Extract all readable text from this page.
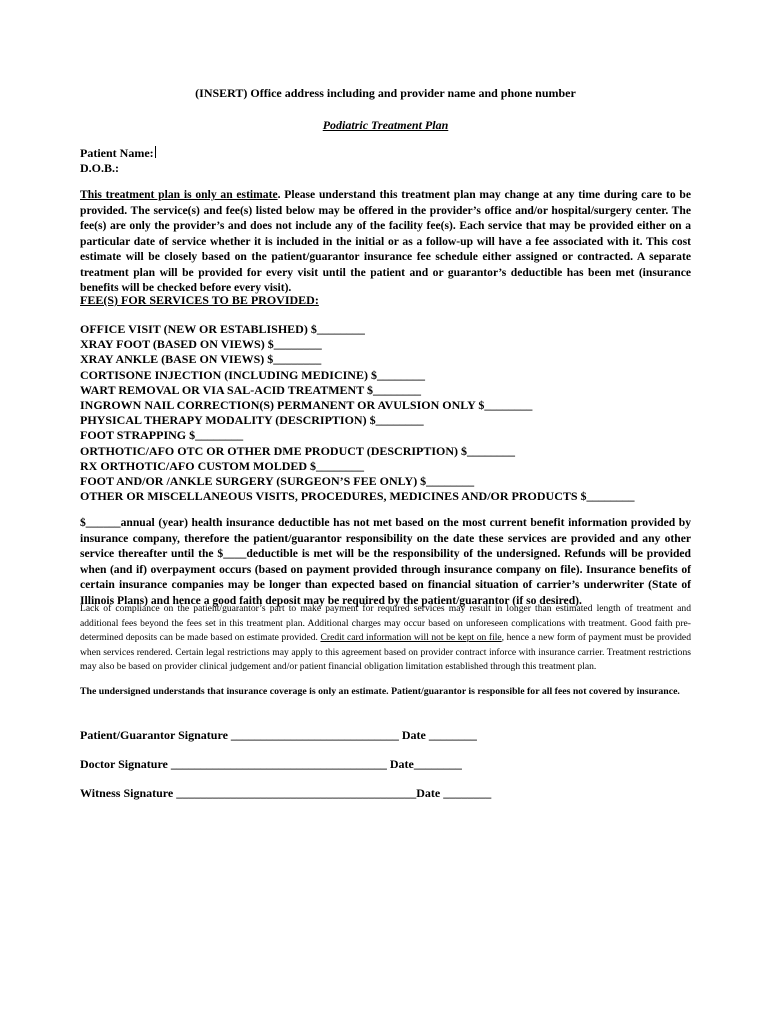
(INSERT) Office address including and provider name and phone number
Podiatric Treatment Plan
Patient Name:
D.O.B.:
This treatment plan is only an estimate. Please understand this treatment plan may change at any time during care to be provided. The service(s) and fee(s) listed below may be offered in the provider’s office and/or hospital/surgery center. The fee(s) are only the provider’s and does not include any of the facility fee(s). Each service that may be provided either on a particular date of service whether it is included in the initial or as a follow-up will have a fee associated with it. This cost estimate will be closely based on the patient/guarantor insurance fee schedule either assigned or contracted. A separate treatment plan will be provided for every visit until the patient and or guarantor’s deductible has been met (insurance benefits will be checked before every visit).
FEE(S) FOR SERVICES TO BE PROVIDED:
OFFICE VISIT (NEW OR ESTABLISHED) $________
XRAY FOOT (BASED ON VIEWS) $________
XRAY ANKLE (BASE ON VIEWS) $________
CORTISONE INJECTION (INCLUDING MEDICINE) $________
WART REMOVAL OR VIA SAL-ACID TREATMENT $________
INGROWN NAIL CORRECTION(S) PERMANENT OR AVULSION ONLY $________
PHYSICAL THERAPY MODALITY (DESCRIPTION) $________
FOOT STRAPPING $________
ORTHOTIC/AFO OTC OR OTHER DME PRODUCT (DESCRIPTION) $________
RX ORTHOTIC/AFO CUSTOM MOLDED $________
FOOT AND/OR /ANKLE SURGERY (SURGEON’S FEE ONLY) $________
OTHER OR MISCELLANEOUS VISITS, PROCEDURES, MEDICINES AND/OR PRODUCTS $________
$______annual (year) health insurance deductible has not met based on the most current benefit information provided by insurance company, therefore the patient/guarantor responsibility on the date these services are provided and any other service thereafter until the $____deductible is met will be the responsibility of the undersigned. Refunds will be provided when (and if) overpayment occurs (based on payment provided through insurance company on file). Insurance benefits of certain insurance companies may be longer than expected based on financial situation of carrier’s underwriter (State of Illinois Plans) and hence a good faith deposit may be required by the patient/guarantor (if so desired).
Lack of compliance on the patient/guarantor’s part to make payment for required services may result in longer than estimated length of treatment and additional fees beyond the fees set in this treatment plan. Additional charges may occur based on unforeseen complications with treatment. Good faith pre-determined deposits can be made based on estimate provided. Credit card information will not be kept on file, hence a new form of payment must be provided when services rendered. Certain legal restrictions may apply to this agreement based on provider contract inforce with insurance carrier. Treatment restrictions may also be based on provider clinical judgement and/or patient financial obligation limitation established through this treatment plan.
The undersigned understands that insurance coverage is only an estimate. Patient/guarantor is responsible for all fees not covered by insurance.
Patient/Guarantor Signature ____________________________ Date ________
Doctor Signature ____________________________________ Date________
Witness Signature ________________________________________Date ________
